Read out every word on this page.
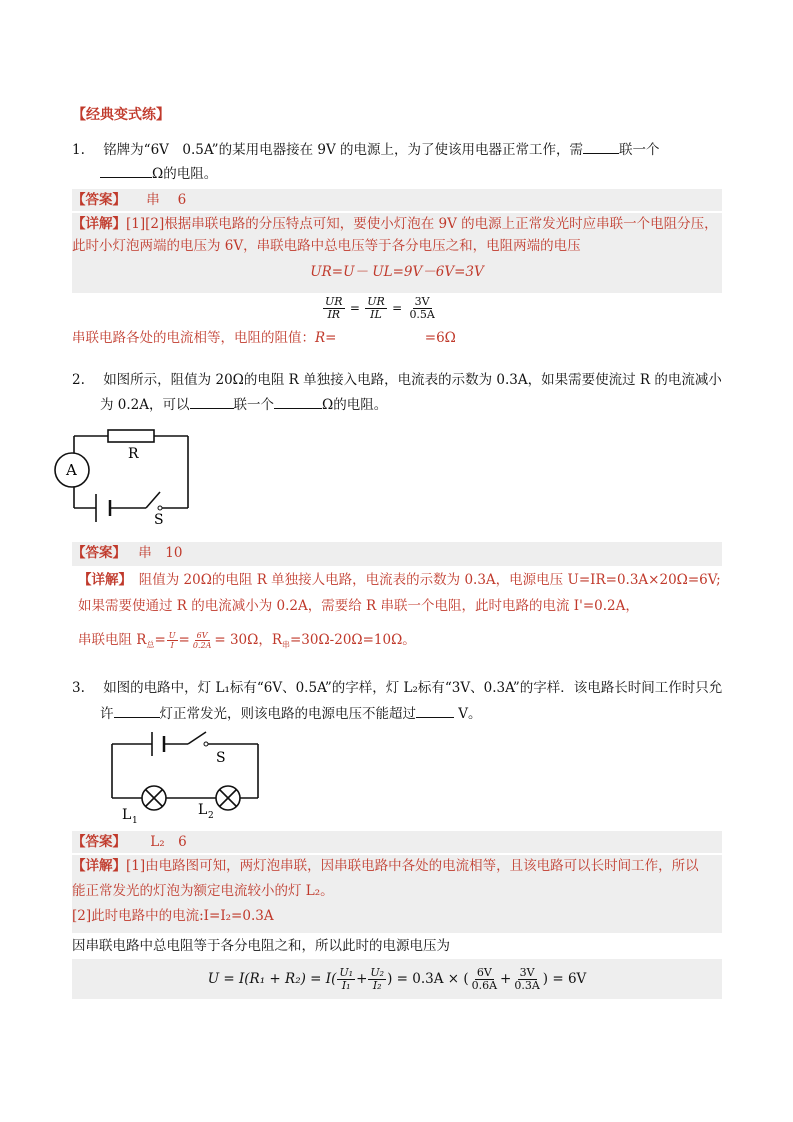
【经典变式练】
1. 铭牌为“6V　0.5A”的某用电器接在 9V 的电源上，为了使该用电器正常工作，需	联一个
Ω的电阻。
【答案】 串　 6
【详解】[1][2]根据串联电路的分压特点可知，要使小灯泡在 9V 的电源上正常发光时应串联一个电阻分压，
此时小灯泡两端的电压为 6V，串联电路中总电压等于各分电压之和，电阻两端的电压
UR=U－ UL=9V－6V=3V
$\frac{UR}{IR} = \frac{UR}{IL} = \frac{3V}{0.5A}$
串联电路各处的电流相等，电阻的阻值：R=	=6Ω
2. 如图所示，阻值为 20Ω的电阻 R 单独接入电路，电流表的示数为 0.3A，如果需要使流过 R 的电流减小
为 0.2A，可以	联一个	Ω的电阻。
A
R
S
【答案】 串　10
【详解】　阻值为 20Ω的电阻 R 单独接人电路，电流表的示数为 0.3A，电源电压 U=IR=0.3A×20Ω=6V;
如果需要使通过 R 的电流减小为 0.2A，需要给 R 串联一个电阻，此时电路的电流 I'=0.2A，
串联电阻 $R_总= \frac{U}{I} = \frac{6V}{0.2A} = 30\Omega$，$R_串=30\Omega-20\Omega=10\Omega$。
3. 如图的电路中，灯 L₁标有“6V、0.5A”的字样，灯 L₂标有“3V、0.3A”的字样．该电路长时间工作时只允
许	灯正常发光，则该电路的电源电压不能超过	V。
S
L 1
L 2
【答案】 L₂　6
【详解】[1]由电路图可知，两灯泡串联，因串联电路中各处的电流相等，且该电路可以长时间工作，所以
能正常发光的灯泡为额定电流较小的灯 L₂。
[2]此时电路中的电流:I=I₂=0.3A
因串联电路中总电阻等于各分电阻之和，所以此时的电源电压为
$U = I(R_1 + R_2) = I( \frac{\text{U₁}}{\text{I₁}} + \frac{\text{U₂}}{\text{I₂}}$ ) = 0.3A × ( $\frac{6V}{0.6A} + \frac{3V}{0.3A}$ ) = 6V
